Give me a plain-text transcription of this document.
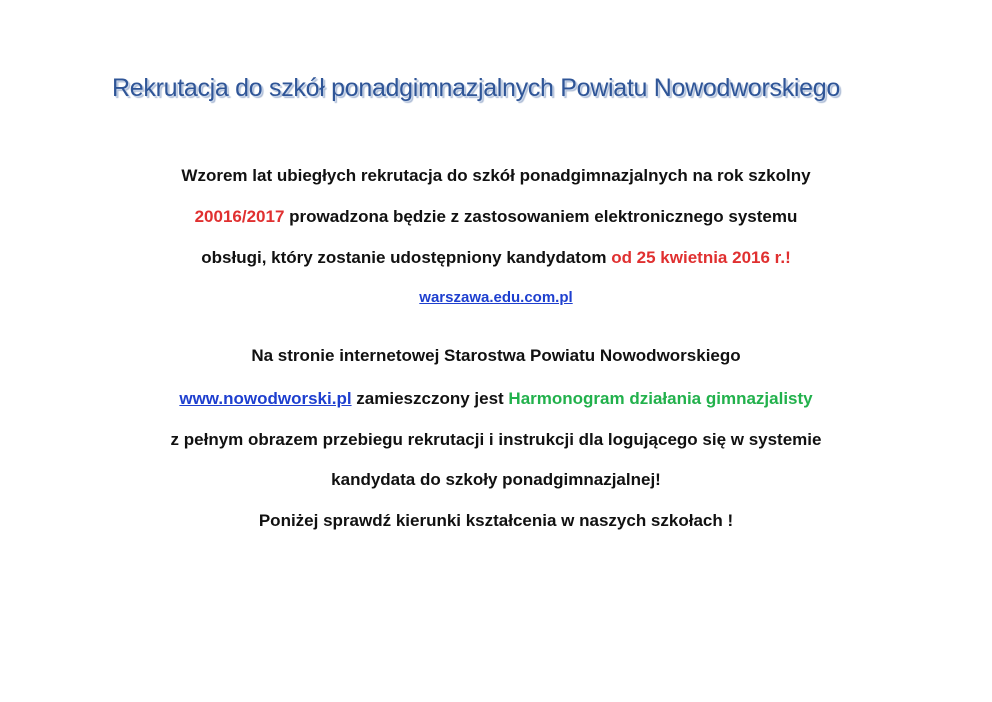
Rekrutacja do szkół ponadgimnazjalnych Powiatu Nowodworskiego
Wzorem lat ubiegłych rekrutacja do szkół ponadgimnazjalnych na rok szkolny
20016/2017 prowadzona będzie z zastosowaniem elektronicznego systemu
obsługi, który zostanie udostępniony kandydatom od 25 kwietnia 2016 r.!
warszawa.edu.com.pl
Na stronie internetowej Starostwa Powiatu Nowodworskiego
www.nowodworski.pl zamieszczony jest Harmonogram działania gimnazjalisty
z pełnym obrazem przebiegu rekrutacji i instrukcji dla logującego się w systemie
kandydata do szkoły ponadgimnazjalnej!
Poniżej sprawdź kierunki kształcenia w naszych szkołach !
